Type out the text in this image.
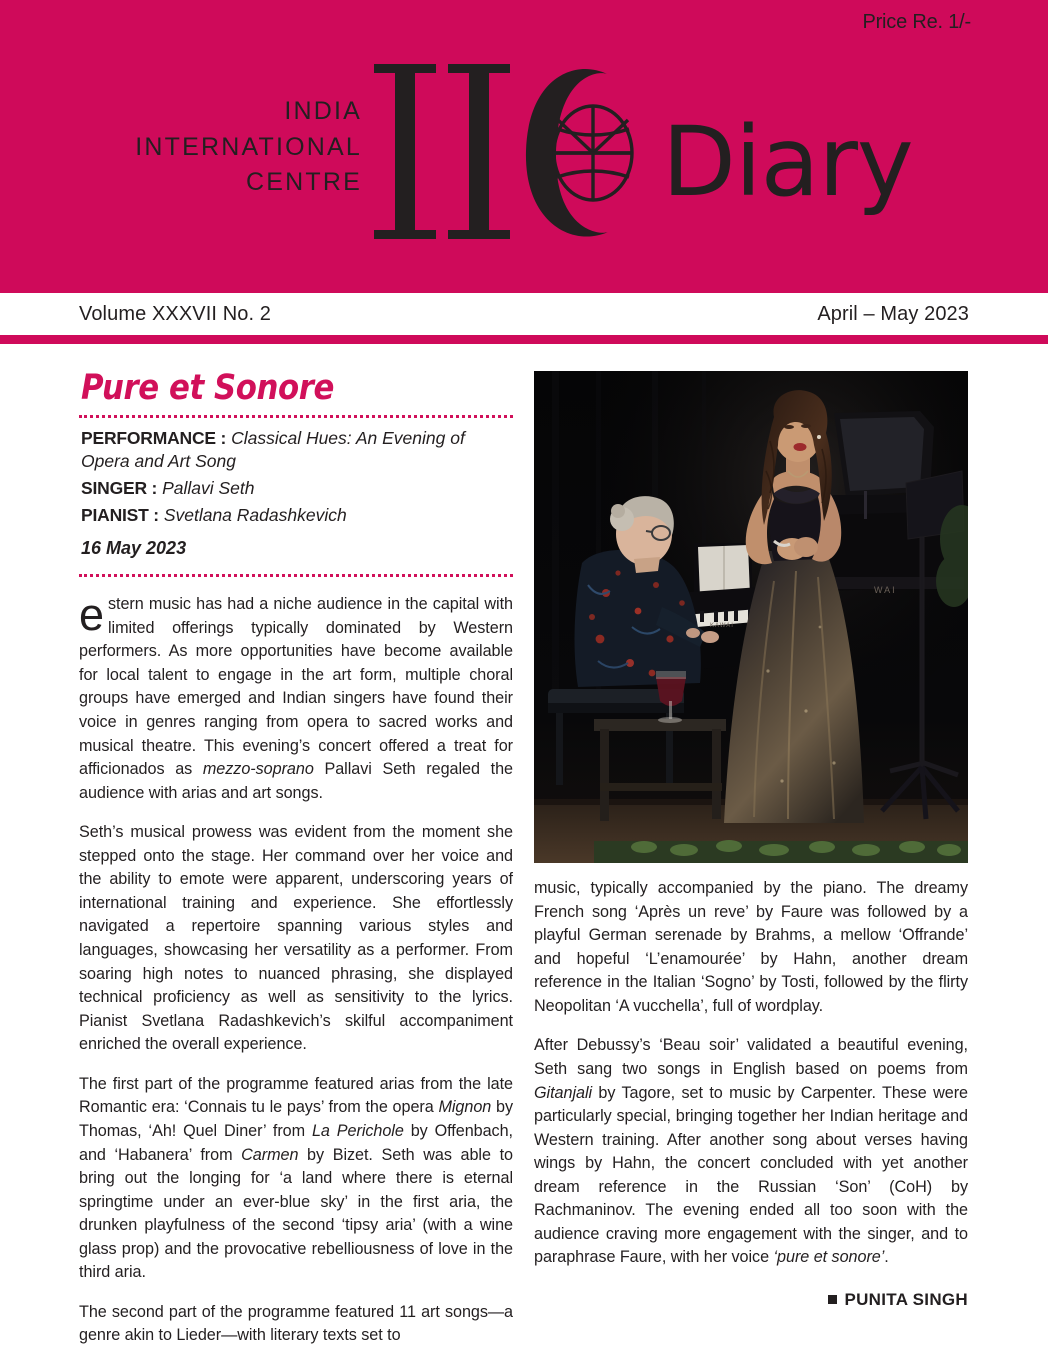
Price Re. 1/-
INDIA
INTERNATIONAL
CENTRE	Diary
Volume XXXVII No. 2	April – May 2023
Pure et Sonore
PERFORMANCE : Classical Hues: An Evening of Opera and Art Song
SINGER : Pallavi Seth
PIANIST : Svetlana Radashkevich
16 May 2023

estern music has had a niche audience in the capital with limited offerings typically dominated by Western performers. As more opportunities have become available for local talent to engage in the art form, multiple choral groups have emerged and Indian singers have found their voice in genres ranging from opera to sacred works and musical theatre. This evening’s concert offered a treat for afficionados as mezzo-soprano Pallavi Seth regaled the audience with arias and art songs.

Seth’s musical prowess was evident from the moment she stepped onto the stage. Her command over her voice and the ability to emote were apparent, underscoring years of international training and experience. She effortlessly navigated a repertoire spanning various styles and languages, showcasing her versatility as a performer. From soaring high notes to nuanced phrasing, she displayed technical proficiency as well as sensitivity to the lyrics. Pianist Svetlana Radashkevich’s skilful accompaniment enriched the overall experience.

The first part of the programme featured arias from the late Romantic era: ‘Connais tu le pays’ from the opera Mignon by Thomas, ‘Ah! Quel Diner’ from La Perichole by Offenbach, and ‘Habanera’ from Carmen by Bizet. Seth was able to bring out the longing for ‘a land where there is eternal springtime under an ever-blue sky’ in the first aria, the drunken playfulness of the second ‘tipsy aria’ (with a wine glass prop) and the provocative rebelliousness of love in the third aria.

The second part of the programme featured 11 art songs—a genre akin to Lieder—with literary texts set to

WAI
KAWAI

music, typically accompanied by the piano. The dreamy French song ‘Après un reve’ by Faure was followed by a playful German serenade by Brahms, a mellow ‘Offrande’ and hopeful ‘L’enamourée’ by Hahn, another dream reference in the Italian ‘Sogno’ by Tosti, followed by the flirty Neopolitan ‘A vucchella’, full of wordplay.

After Debussy’s ‘Beau soir’ validated a beautiful evening, Seth sang two songs in English based on poems from Gitanjali by Tagore, set to music by Carpenter. These were particularly special, bringing together her Indian heritage and Western training. After another song about verses having wings by Hahn, the concert concluded with yet another dream reference in the Russian ‘Son’ (CoH) by Rachmaninov. The evening ended all too soon with the audience craving more engagement with the singer, and to paraphrase Faure, with her voice ‘pure et sonore’.

PUNITA SINGH
